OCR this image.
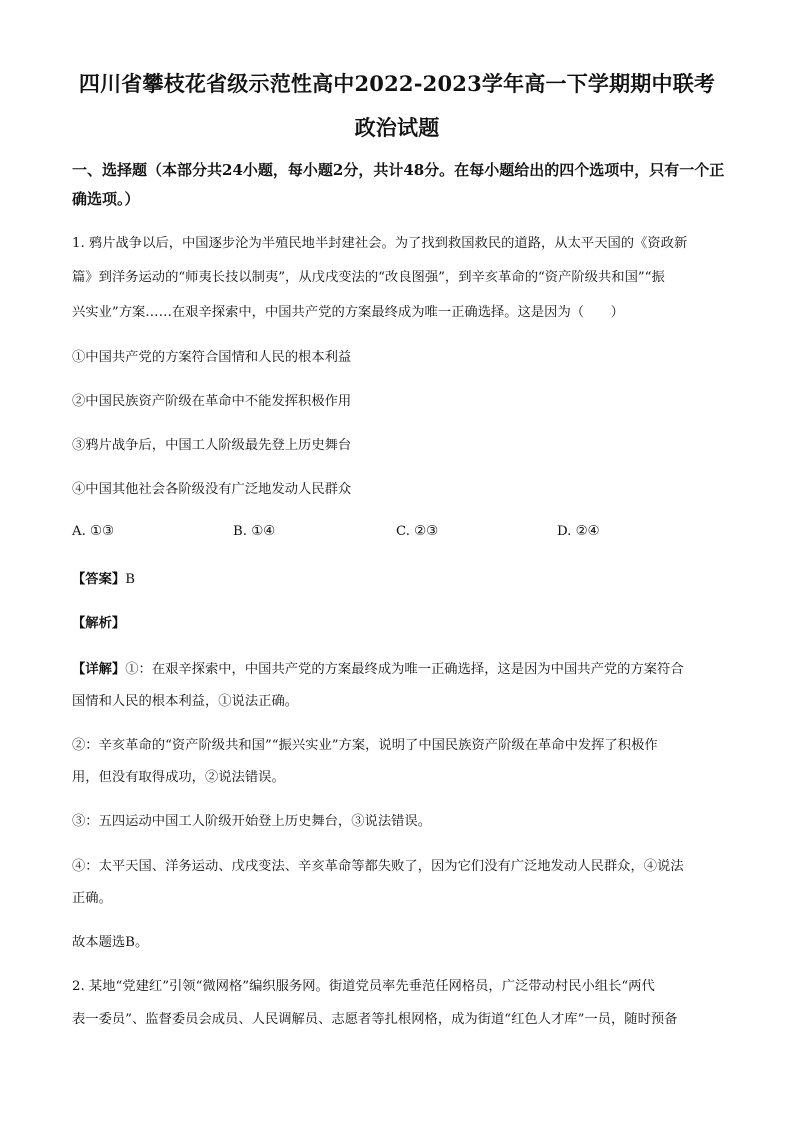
四川省攀枝花省级示范性高中2022-2023学年高一下学期期中联考
政治试题
一、选择题（本部分共24小题，每小题2分，共计48分。在每小题给出的四个选项中，只有一个正确选项。）
1. 鸦片战争以后，中国逐步沦为半殖民地半封建社会。为了找到救国救民的道路，从太平天国的《资政新
篇》到洋务运动的“师夷长技以制夷”，从戊戌变法的“改良图强”，到辛亥革命的“资产阶级共和国”“振
兴实业”方案……在艰辛探索中，中国共产党的方案最终成为唯一正确选择。这是因为（　　）
①中国共产党的方案符合国情和人民的根本利益
②中国民族资产阶级在革命中不能发挥积极作用
③鸦片战争后，中国工人阶级最先登上历史舞台
④中国其他社会各阶级没有广泛地发动人民群众
A. ①③	B. ①④	C. ②③	D. ②④
【答案】B
【解析】
【详解】①：在艰辛探索中，中国共产党的方案最终成为唯一正确选择，这是因为中国共产党的方案符合
国情和人民的根本利益，①说法正确。
②：辛亥革命的“资产阶级共和国”“振兴实业”方案，说明了中国民族资产阶级在革命中发挥了积极作
用，但没有取得成功，②说法错误。
③：五四运动中国工人阶级开始登上历史舞台，③说法错误。
④：太平天国、洋务运动、戊戌变法、辛亥革命等都失败了，因为它们没有广泛地发动人民群众，④说法
正确。
故本题选B。
2. 某地“党建红”引领“微网格”编织服务网。街道党员率先垂范任网格员，广泛带动村民小组长“两代
表一委员”、监督委员会成员、人民调解员、志愿者等扎根网格，成为街道“红色人才库”一员，随时预备
